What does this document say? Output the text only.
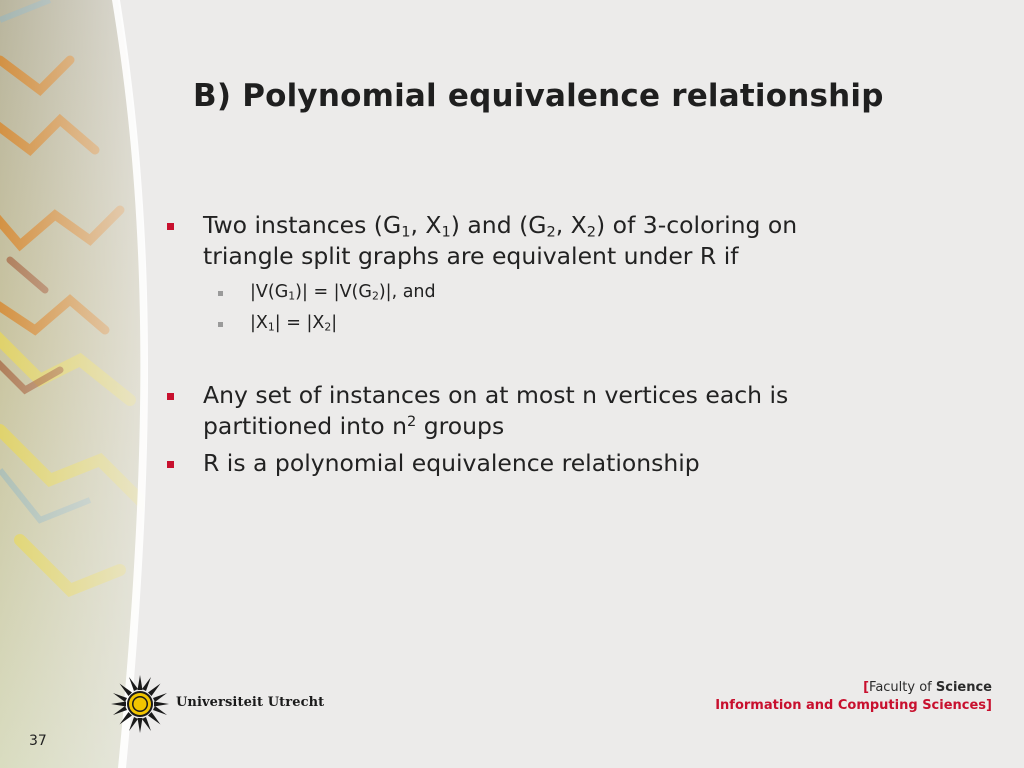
B) Polynomial equivalence relationship
Two instances ($G_1$, $X_1$) and ($G_2$, $X_2$) of 3-coloring on
triangle split graphs are equivalent under R if
$|V(G_1)| = |V(G_2)|$, and
$|X_1| = |X_2|$
Any set of instances on at most n vertices each is
partitioned into $n^2$ groups
R is a polynomial equivalence relationship
Universiteit Utrecht
[Faculty of Science
Information and Computing Sciences]
37
